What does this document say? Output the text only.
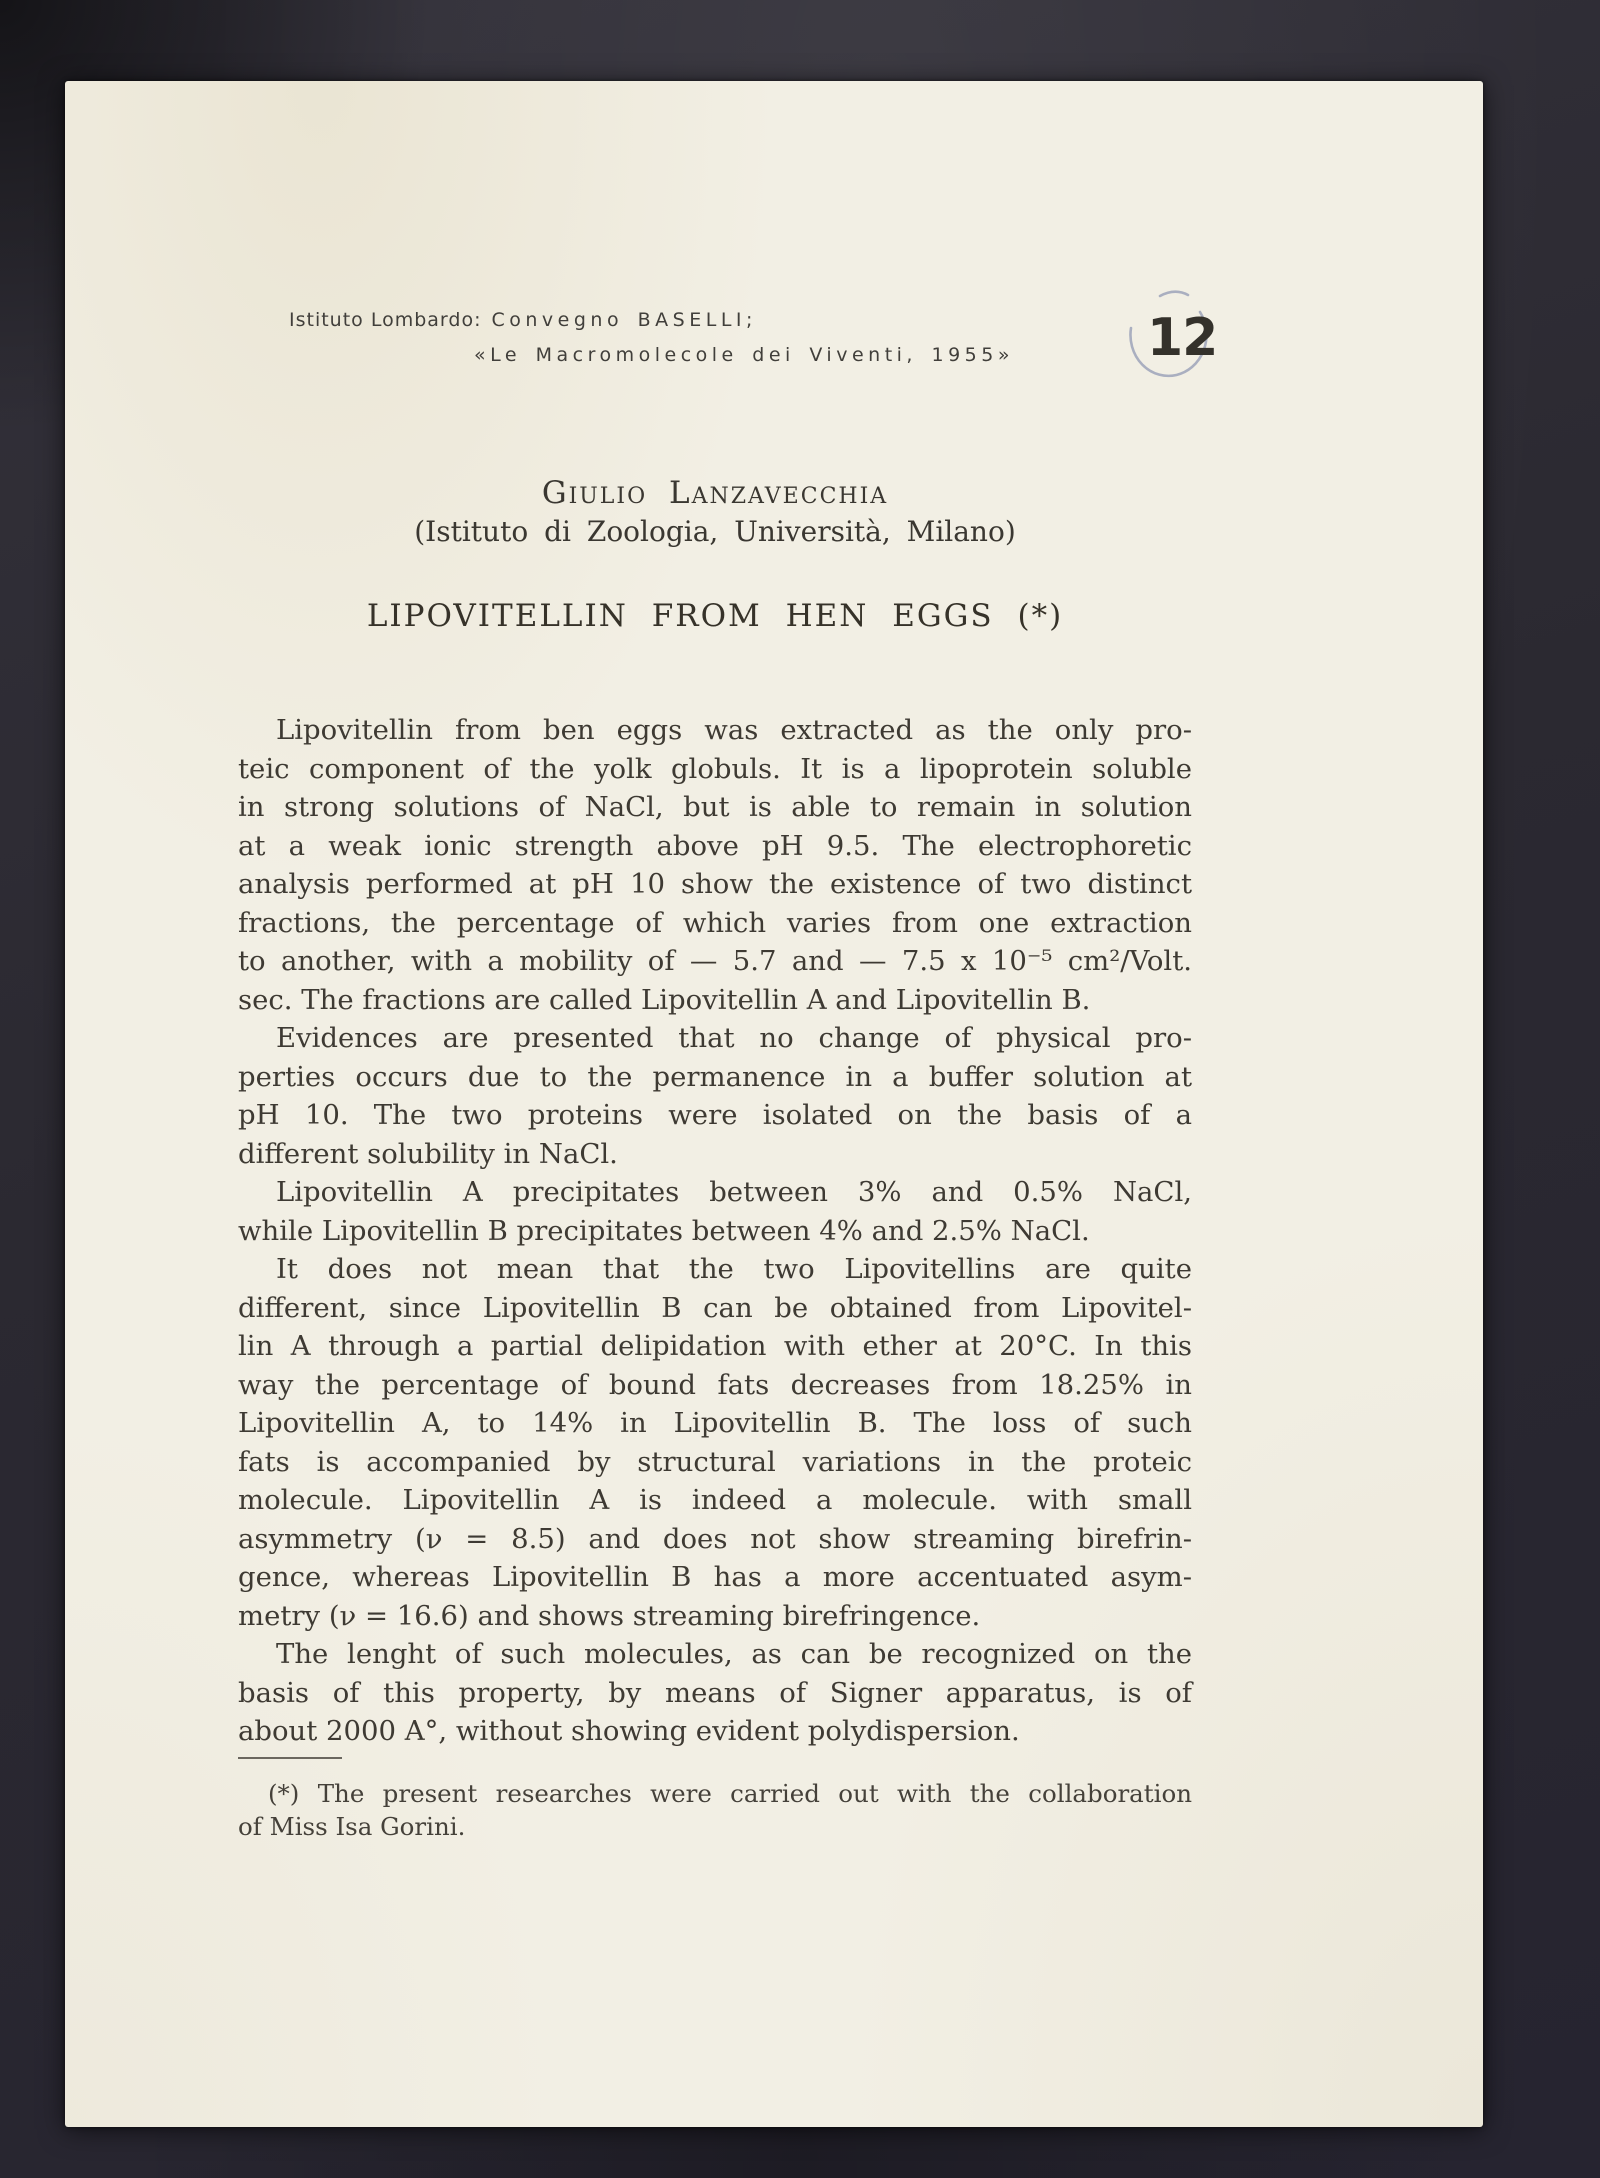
Istituto Lombardo: Convegno BASELLI;
«Le Macromolecole dei Viventi, 1955»	12
Giulio Lanzavecchia
(Istituto di Zoologia, Università, Milano)
LIPOVITELLIN FROM HEN EGGS (*)
Lipovitellin from ben eggs was extracted as the only pro-
teic component of the yolk globuls. It is a lipoprotein soluble
in strong solutions of NaCl, but is able to remain in solution
at a weak ionic strength above pH 9.5. The electrophoretic
analysis performed at pH 10 show the existence of two distinct
fractions, the percentage of which varies from one extraction
to another, with a mobility of — 5.7 and — 7.5 x 10⁻⁵ cm²/Volt.
sec. The fractions are called Lipovitellin A and Lipovitellin B.
Evidences are presented that no change of physical pro-
perties occurs due to the permanence in a buffer solution at
pH 10. The two proteins were isolated on the basis of a
different solubility in NaCl.
Lipovitellin A precipitates between 3% and 0.5% NaCl,
while Lipovitellin B precipitates between 4% and 2.5% NaCl.
It does not mean that the two Lipovitellins are quite
different, since Lipovitellin B can be obtained from Lipovitel-
lin A through a partial delipidation with ether at 20°C. In this
way the percentage of bound fats decreases from 18.25% in
Lipovitellin A, to 14% in Lipovitellin B. The loss of such
fats is accompanied by structural variations in the proteic
molecule. Lipovitellin A is indeed a molecule. with small
asymmetry (ν = 8.5) and does not show streaming birefrin-
gence, whereas Lipovitellin B has a more accentuated asym-
metry (ν = 16.6) and shows streaming birefringence.
The lenght of such molecules, as can be recognized on the
basis of this property, by means of Signer apparatus, is of
about 2000 A°, without showing evident polydispersion.
(*) The present researches were carried out with the collaboration
of Miss Isa Gorini.
